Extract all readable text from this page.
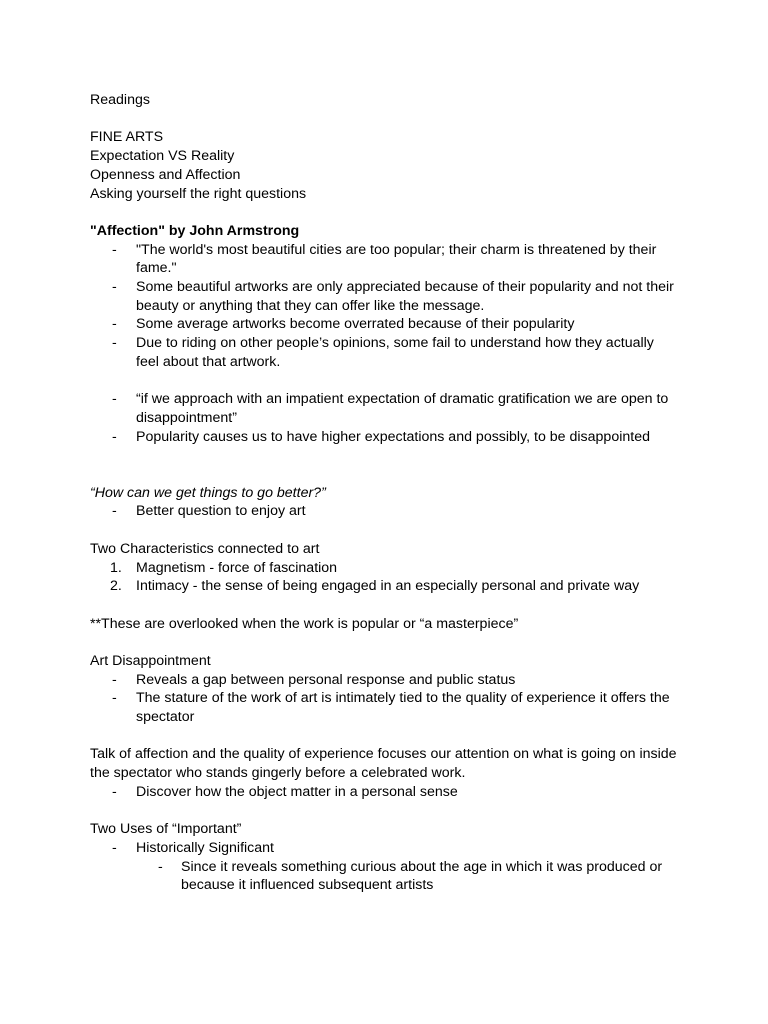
Readings

FINE ARTS

Expectation VS Reality

Openness and Affection

Asking yourself the right questions

"Affection" by John Armstrong

- "The world's most beautiful cities are too popular; their charm is threatened by their fame."
- Some beautiful artworks are only appreciated because of their popularity and not their beauty or anything that they can offer like the message.
- Some average artworks become overrated because of their popularity
- Due to riding on other people’s opinions, some fail to understand how they actually feel about that artwork.
- “if we approach with an impatient expectation of dramatic gratification we are open to disappointment”
- Popularity causes us to have higher expectations and possibly, to be disappointed

“How can we get things to go better?”

- Better question to enjoy art

Two Characteristics connected to art

1. Magnetism - force of fascination
2. Intimacy - the sense of being engaged in an especially personal and private way

**These are overlooked when the work is popular or “a masterpiece”

Art Disappointment

- Reveals a gap between personal response and public status
- The stature of the work of art is intimately tied to the quality of experience it offers the spectator

Talk of affection and the quality of experience focuses our attention on what is going on inside the spectator who stands gingerly before a celebrated work.

- Discover how the object matter in a personal sense

Two Uses of “Important”

- Historically Significant
- Since it reveals something curious about the age in which it was produced or because it influenced subsequent artists
